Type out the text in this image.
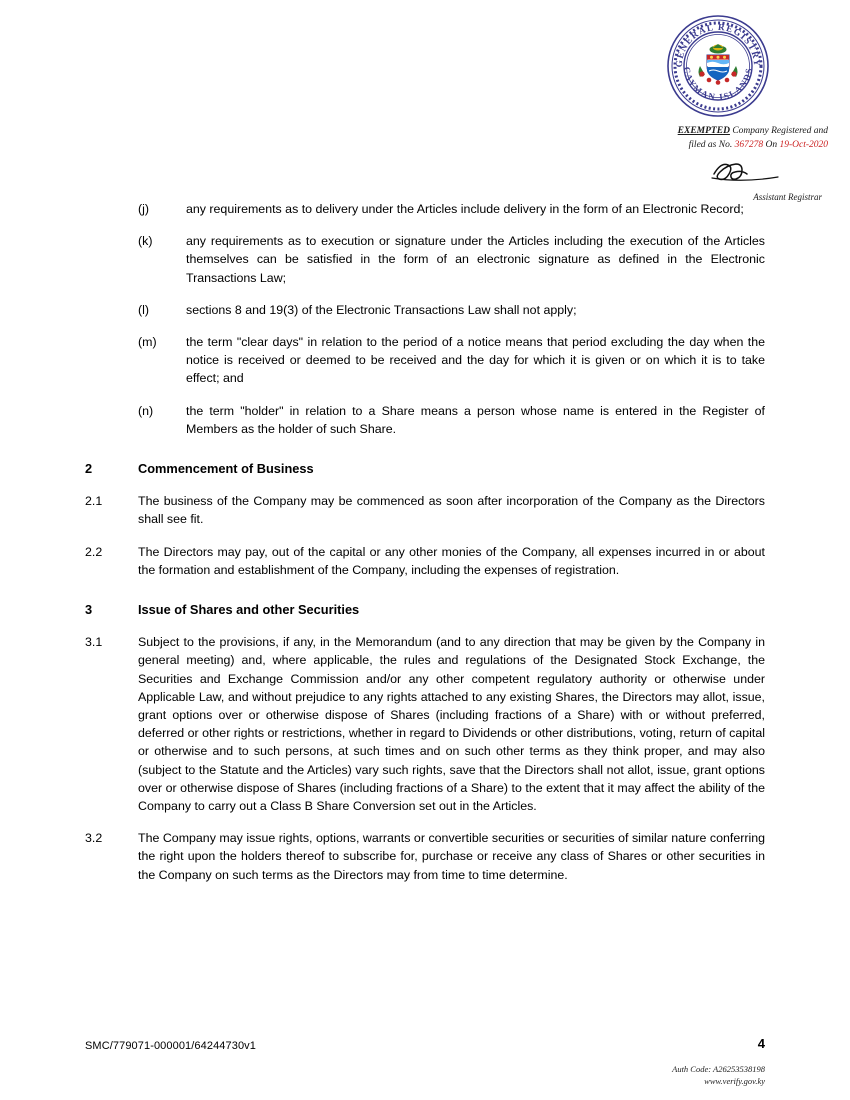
GENERAL REGISTRY
CAYMAN ISLANDS
EXEMPTED Company Registered and
filed as No. 367278 On 19-Oct-2020
Assistant Registrar
(j)	any requirements as to delivery under the Articles include delivery in the form of an Electronic Record;
(k)	any requirements as to execution or signature under the Articles including the execution of the Articles themselves can be satisfied in the form of an electronic signature as defined in the Electronic Transactions Law;
(l)	sections 8 and 19(3) of the Electronic Transactions Law shall not apply;
(m)	the term "clear days" in relation to the period of a notice means that period excluding the day when the notice is received or deemed to be received and the day for which it is given or on which it is to take effect; and
(n)	the term "holder" in relation to a Share means a person whose name is entered in the Register of Members as the holder of such Share.
2	Commencement of Business
2.1	The business of the Company may be commenced as soon after incorporation of the Company as the Directors shall see fit.
2.2	The Directors may pay, out of the capital or any other monies of the Company, all expenses incurred in or about the formation and establishment of the Company, including the expenses of registration.
3	Issue of Shares and other Securities
3.1	Subject to the provisions, if any, in the Memorandum (and to any direction that may be given by the Company in general meeting) and, where applicable, the rules and regulations of the Designated Stock Exchange, the Securities and Exchange Commission and/or any other competent regulatory authority or otherwise under Applicable Law, and without prejudice to any rights attached to any existing Shares, the Directors may allot, issue, grant options over or otherwise dispose of Shares (including fractions of a Share) with or without preferred, deferred or other rights or restrictions, whether in regard to Dividends or other distributions, voting, return of capital or otherwise and to such persons, at such times and on such other terms as they think proper, and may also (subject to the Statute and the Articles) vary such rights, save that the Directors shall not allot, issue, grant options over or otherwise dispose of Shares (including fractions of a Share) to the extent that it may affect the ability of the Company to carry out a Class B Share Conversion set out in the Articles.
3.2	The Company may issue rights, options, warrants or convertible securities or securities of similar nature conferring the right upon the holders thereof to subscribe for, purchase or receive any class of Shares or other securities in the Company on such terms as the Directors may from time to time determine.
SMC/779071-000001/64244730v1	4
Auth Code: A26253538198
www.verify.gov.ky
